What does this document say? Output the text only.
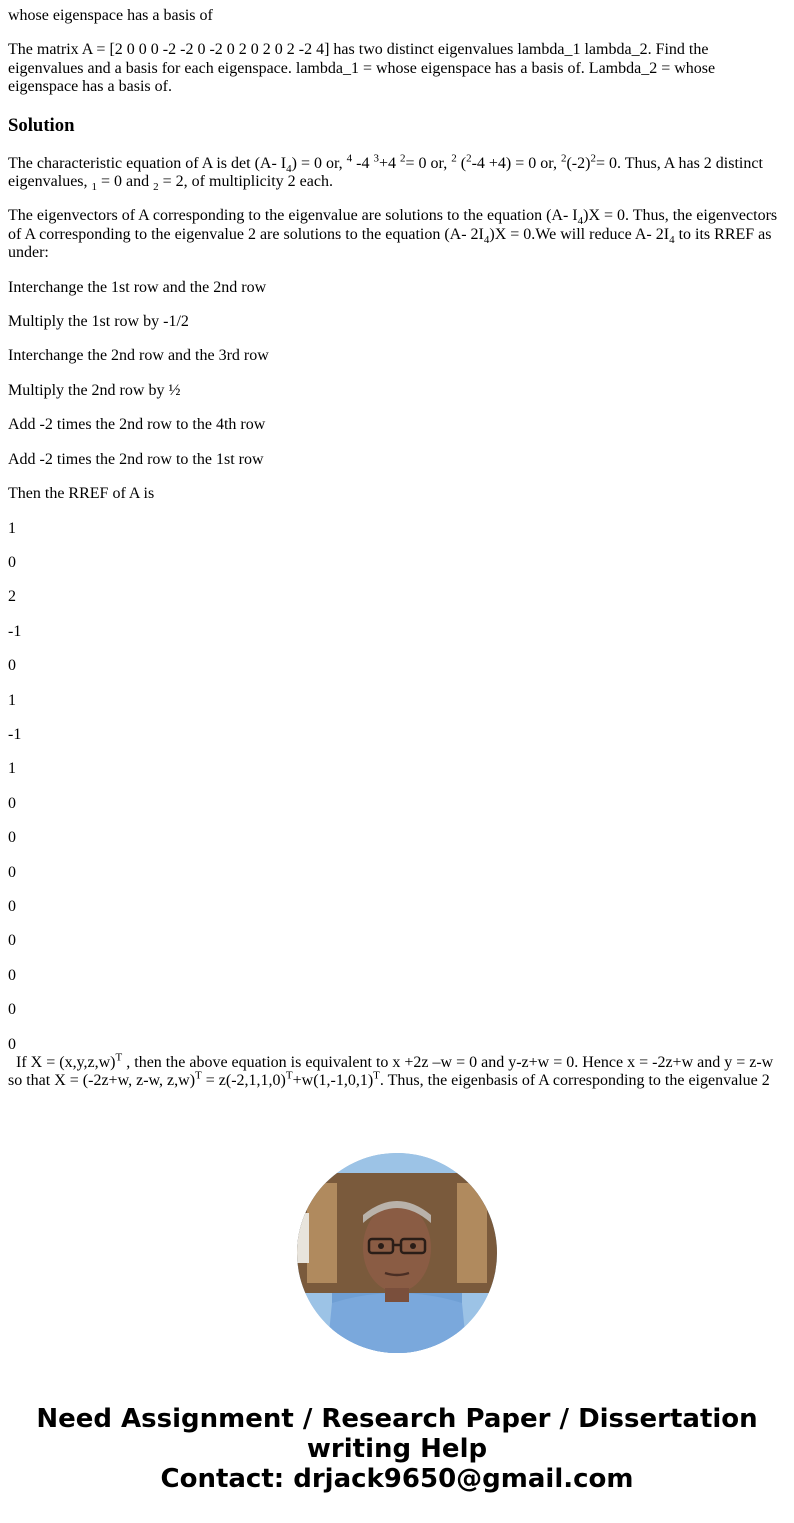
whose eigenspace has a basis of

The matrix A = [2 0 0 0 -2 -2 0 -2 0 2 0 2 0 2 -2 4] has two distinct eigenvalues lambda_1 lambda_2. Find the eigenvalues and a basis for each eigenspace. lambda_1 = whose eigenspace has a basis of. Lambda_2 = whose eigenspace has a basis of.

Solution

The characteristic equation of A is det (A- $I_4) = 0$ or, $^4$ -4 $^3$+4 $^2$= 0 or, $^2$ ($^2$-4 +4) = 0 or, $^2(-2)^2= 0$. Thus, A has 2 distinct eigenvalues, $_1$ = 0 and $_2$ = 2, of multiplicity 2 each.

The eigenvectors of A corresponding to the eigenvalue are solutions to the equation (A- $I_4)X = 0$. Thus, the eigenvectors of A corresponding to the eigenvalue 2 are solutions to the equation (A- $2I_4)X = 0.We$ will reduce A- $2I_4$ to its RREF as under:

Interchange the 1st row and the 2nd row

Multiply the 1st row by -1/2

Interchange the 2nd row and the 3rd row

Multiply the 2nd row by ½

Add -2 times the 2nd row to the 4th row

Add -2 times the 2nd row to the 1st row

Then the RREF of A is

1

0

2

-1

0

1

-1

1

0

0

0

0

0

0

0

0

If $X = (x,y,z,w)^T$ , then the above equation is equivalent to x +2z –w = 0 and y-z+w = 0. Hence x = -2z+w and y = z-w so that X = (-2z+w, z-w, $z,w)^T = z(-2,1,1,0)^T+w(1,-1,0,1)^T$. Thus, the eigenbasis of A corresponding to the eigenvalue 2

Need Assignment / Research Paper / Dissertation
writing Help
Contact: drjack9650@gmail.com
